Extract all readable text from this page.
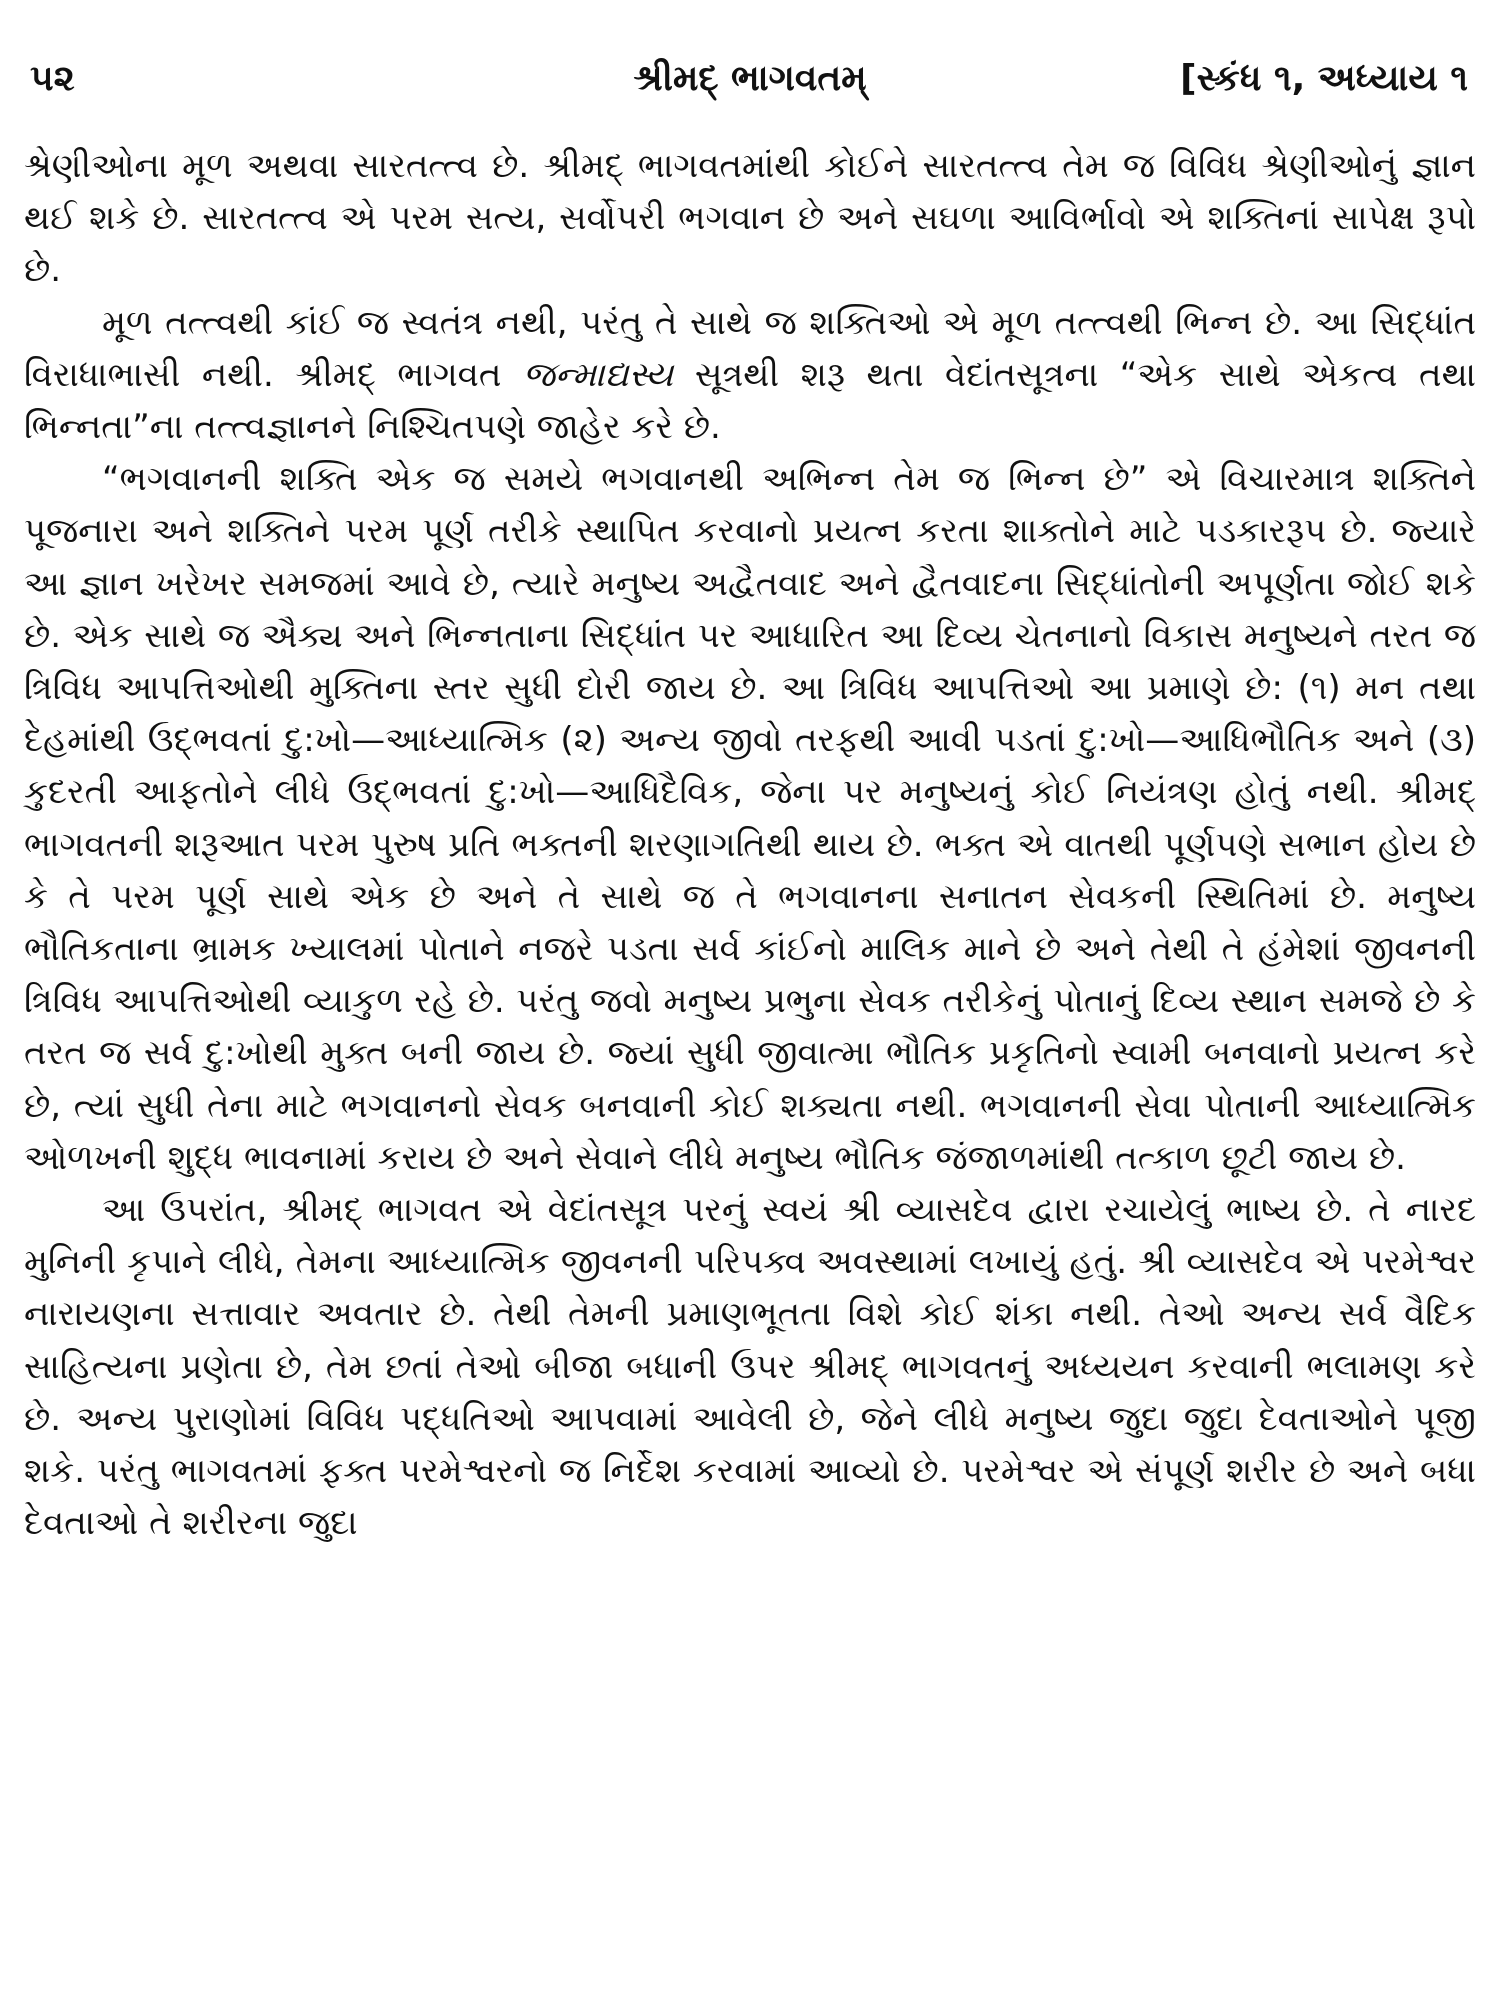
૫૨	શ્રીમદ્ ભાગવતમ્	[સ્કંધ ૧, અધ્યાય ૧

શ્રેણીઓના મૂળ અથવા સારતત્ત્વ છે. શ્રીમદ્ ભાગવતમાંથી કોઈને સારતત્ત્વ તેમ જ વિવિધ શ્રેણીઓનું જ્ઞાન થઈ શકે છે. સારતત્ત્વ એ પરમ સત્ય, સર્વોપરી ભગવાન છે અને સઘળા આવિર્ભાવો એ શક્તિનાં સાપેક્ષ રૂપો છે.

મૂળ તત્ત્વથી કાંઈ જ સ્વતંત્ર નથી, પરંતુ તે સાથે જ શક્તિઓ એ મૂળ તત્ત્વથી ભિન્ન છે. આ સિદ્ધાંત વિરાધાભાસી નથી. શ્રીમદ્ ભાગવત જન્માદ્યસ્ય સૂત્રથી શરૂ થતા વેદાંતસૂત્રના “એક સાથે એકત્વ તથા ભિન્નતા”ના તત્ત્વજ્ઞાનને નિશ્ચિતપણે જાહેર કરે છે.

“ભગવાનની શક્તિ એક જ સમયે ભગવાનથી અભિન્ન તેમ જ ભિન્ન છે” એ વિચારમાત્ર શક્તિને પૂજનારા અને શક્તિને પરમ પૂર્ણ તરીકે સ્થાપિત કરવાનો પ્રયત્ન કરતા શાક્તોને માટે પડકારરૂપ છે. જ્યારે આ જ્ઞાન ખરેખર સમજમાં આવે છે, ત્યારે મનુષ્ય અદ્વૈતવાદ અને દ્વૈતવાદના સિદ્ધાંતોની અપૂર્ણતા જોઈ શકે છે. એક સાથે જ ઐક્ય અને ભિન્નતાના સિદ્ધાંત પર આધારિત આ દિવ્ય ચેતનાનો વિકાસ મનુષ્યને તરત જ ત્રિવિધ આપત્તિઓથી મુક્તિના સ્તર સુધી દોરી જાય છે. આ ત્રિવિધ આપત્તિઓ આ પ્રમાણે છે: (૧) મન તથા દેહમાંથી ઉદ્ભવતાં દુ:ખો—આધ્યાત્મિક (૨) અન્ય જીવો તરફથી આવી પડતાં દુ:ખો—આધિભૌતિક અને (૩) કુદરતી આફતોને લીધે ઉદ્ભવતાં દુ:ખો—આધિદૈવિક, જેના પર મનુષ્યનું કોઈ નિયંત્રણ હોતું નથી. શ્રીમદ્ ભાગવતની શરૂઆત પરમ પુરુષ પ્રતિ ભક્તની શરણાગતિથી થાય છે. ભક્ત એ વાતથી પૂર્ણપણે સભાન હોય છે કે તે પરમ પૂર્ણ સાથે એક છે અને તે સાથે જ તે ભગવાનના સનાતન સેવકની સ્થિતિમાં છે. મનુષ્ય ભૌતિકતાના ભ્રામક ખ્યાલમાં પોતાને નજરે પડતા સર્વ કાંઈનો માલિક માને છે અને તેથી તે હંમેશાં જીવનની ત્રિવિધ આપત્તિઓથી વ્યાકુળ રહે છે. પરંતુ જવો મનુષ્ય પ્રભુના સેવક તરીકેનું પોતાનું દિવ્ય સ્થાન સમજે છે કે તરત જ સર્વ દુ:ખોથી મુક્ત બની જાય છે. જ્યાં સુધી જીવાત્મા ભૌતિક પ્રકૃતિનો સ્વામી બનવાનો પ્રયત્ન કરે છે, ત્યાં સુધી તેના માટે ભગવાનનો સેવક બનવાની કોઈ શક્યતા નથી. ભગવાનની સેવા પોતાની આધ્યાત્મિક ઓળખની શુદ્ધ ભાવનામાં કરાય છે અને સેવાને લીધે મનુષ્ય ભૌતિક જંજાળમાંથી તત્કાળ છૂટી જાય છે.

આ ઉપરાંત, શ્રીમદ્ ભાગવત એ વેદાંતસૂત્ર પરનું સ્વયં શ્રી વ્યાસદેવ દ્વારા રચાયેલું ભાષ્ય છે. તે નારદ મુનિની કૃપાને લીધે, તેમના આધ્યાત્મિક જીવનની પરિપક્વ અવસ્થામાં લખાયું હતું. શ્રી વ્યાસદેવ એ પરમેશ્વર નારાયણના સત્તાવાર અવતાર છે. તેથી તેમની પ્રમાણભૂતતા વિશે કોઈ શંકા નથી. તેઓ અન્ય સર્વ વૈદિક સાહિત્યના પ્રણેતા છે, તેમ છતાં તેઓ બીજા બધાની ઉપર શ્રીમદ્ ભાગવતનું અધ્યયન કરવાની ભલામણ કરે છે. અન્ય પુરાણોમાં વિવિધ પદ્ધતિઓ આપવામાં આવેલી છે, જેને લીધે મનુષ્ય જુદા જુદા દેવતાઓને પૂજી શકે. પરંતુ ભાગવતમાં ફક્ત પરમેશ્વરનો જ નિર્દેશ કરવામાં આવ્યો છે. પરમેશ્વર એ સંપૂર્ણ શરીર છે અને બધા દેવતાઓ તે શરીરના જુદા
